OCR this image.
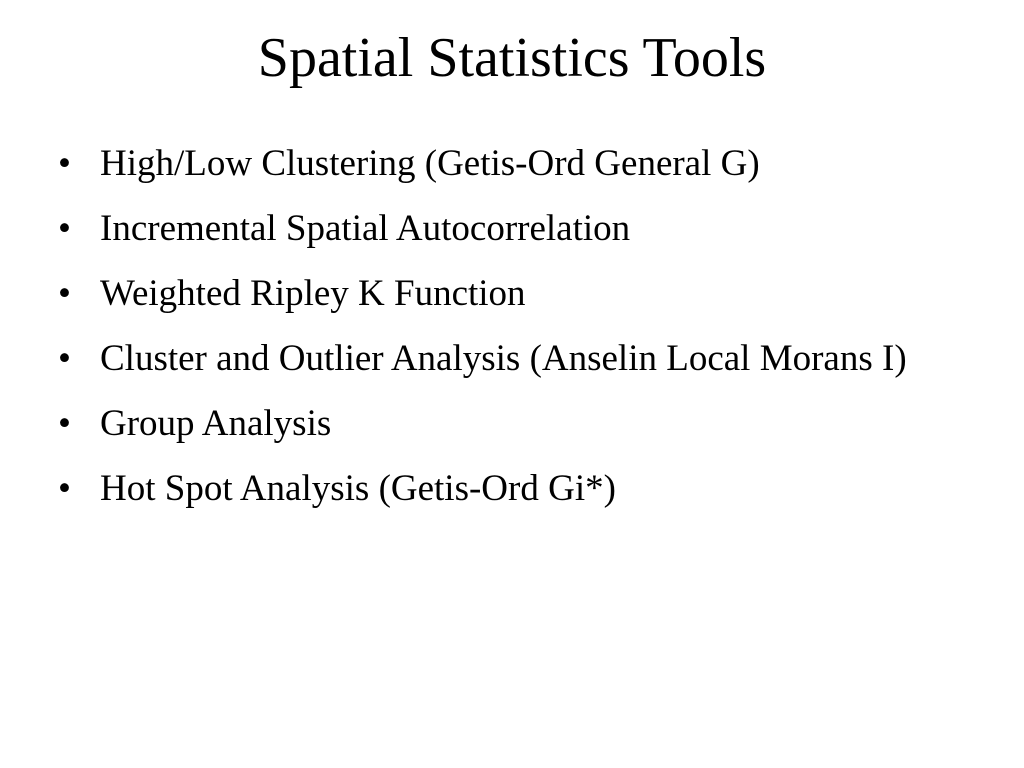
Spatial Statistics Tools
• High/Low Clustering (Getis-Ord General G)
• Incremental Spatial Autocorrelation
• Weighted Ripley K Function
• Cluster and Outlier Analysis (Anselin Local Morans I)
• Group Analysis
• Hot Spot Analysis (Getis-Ord Gi*)
